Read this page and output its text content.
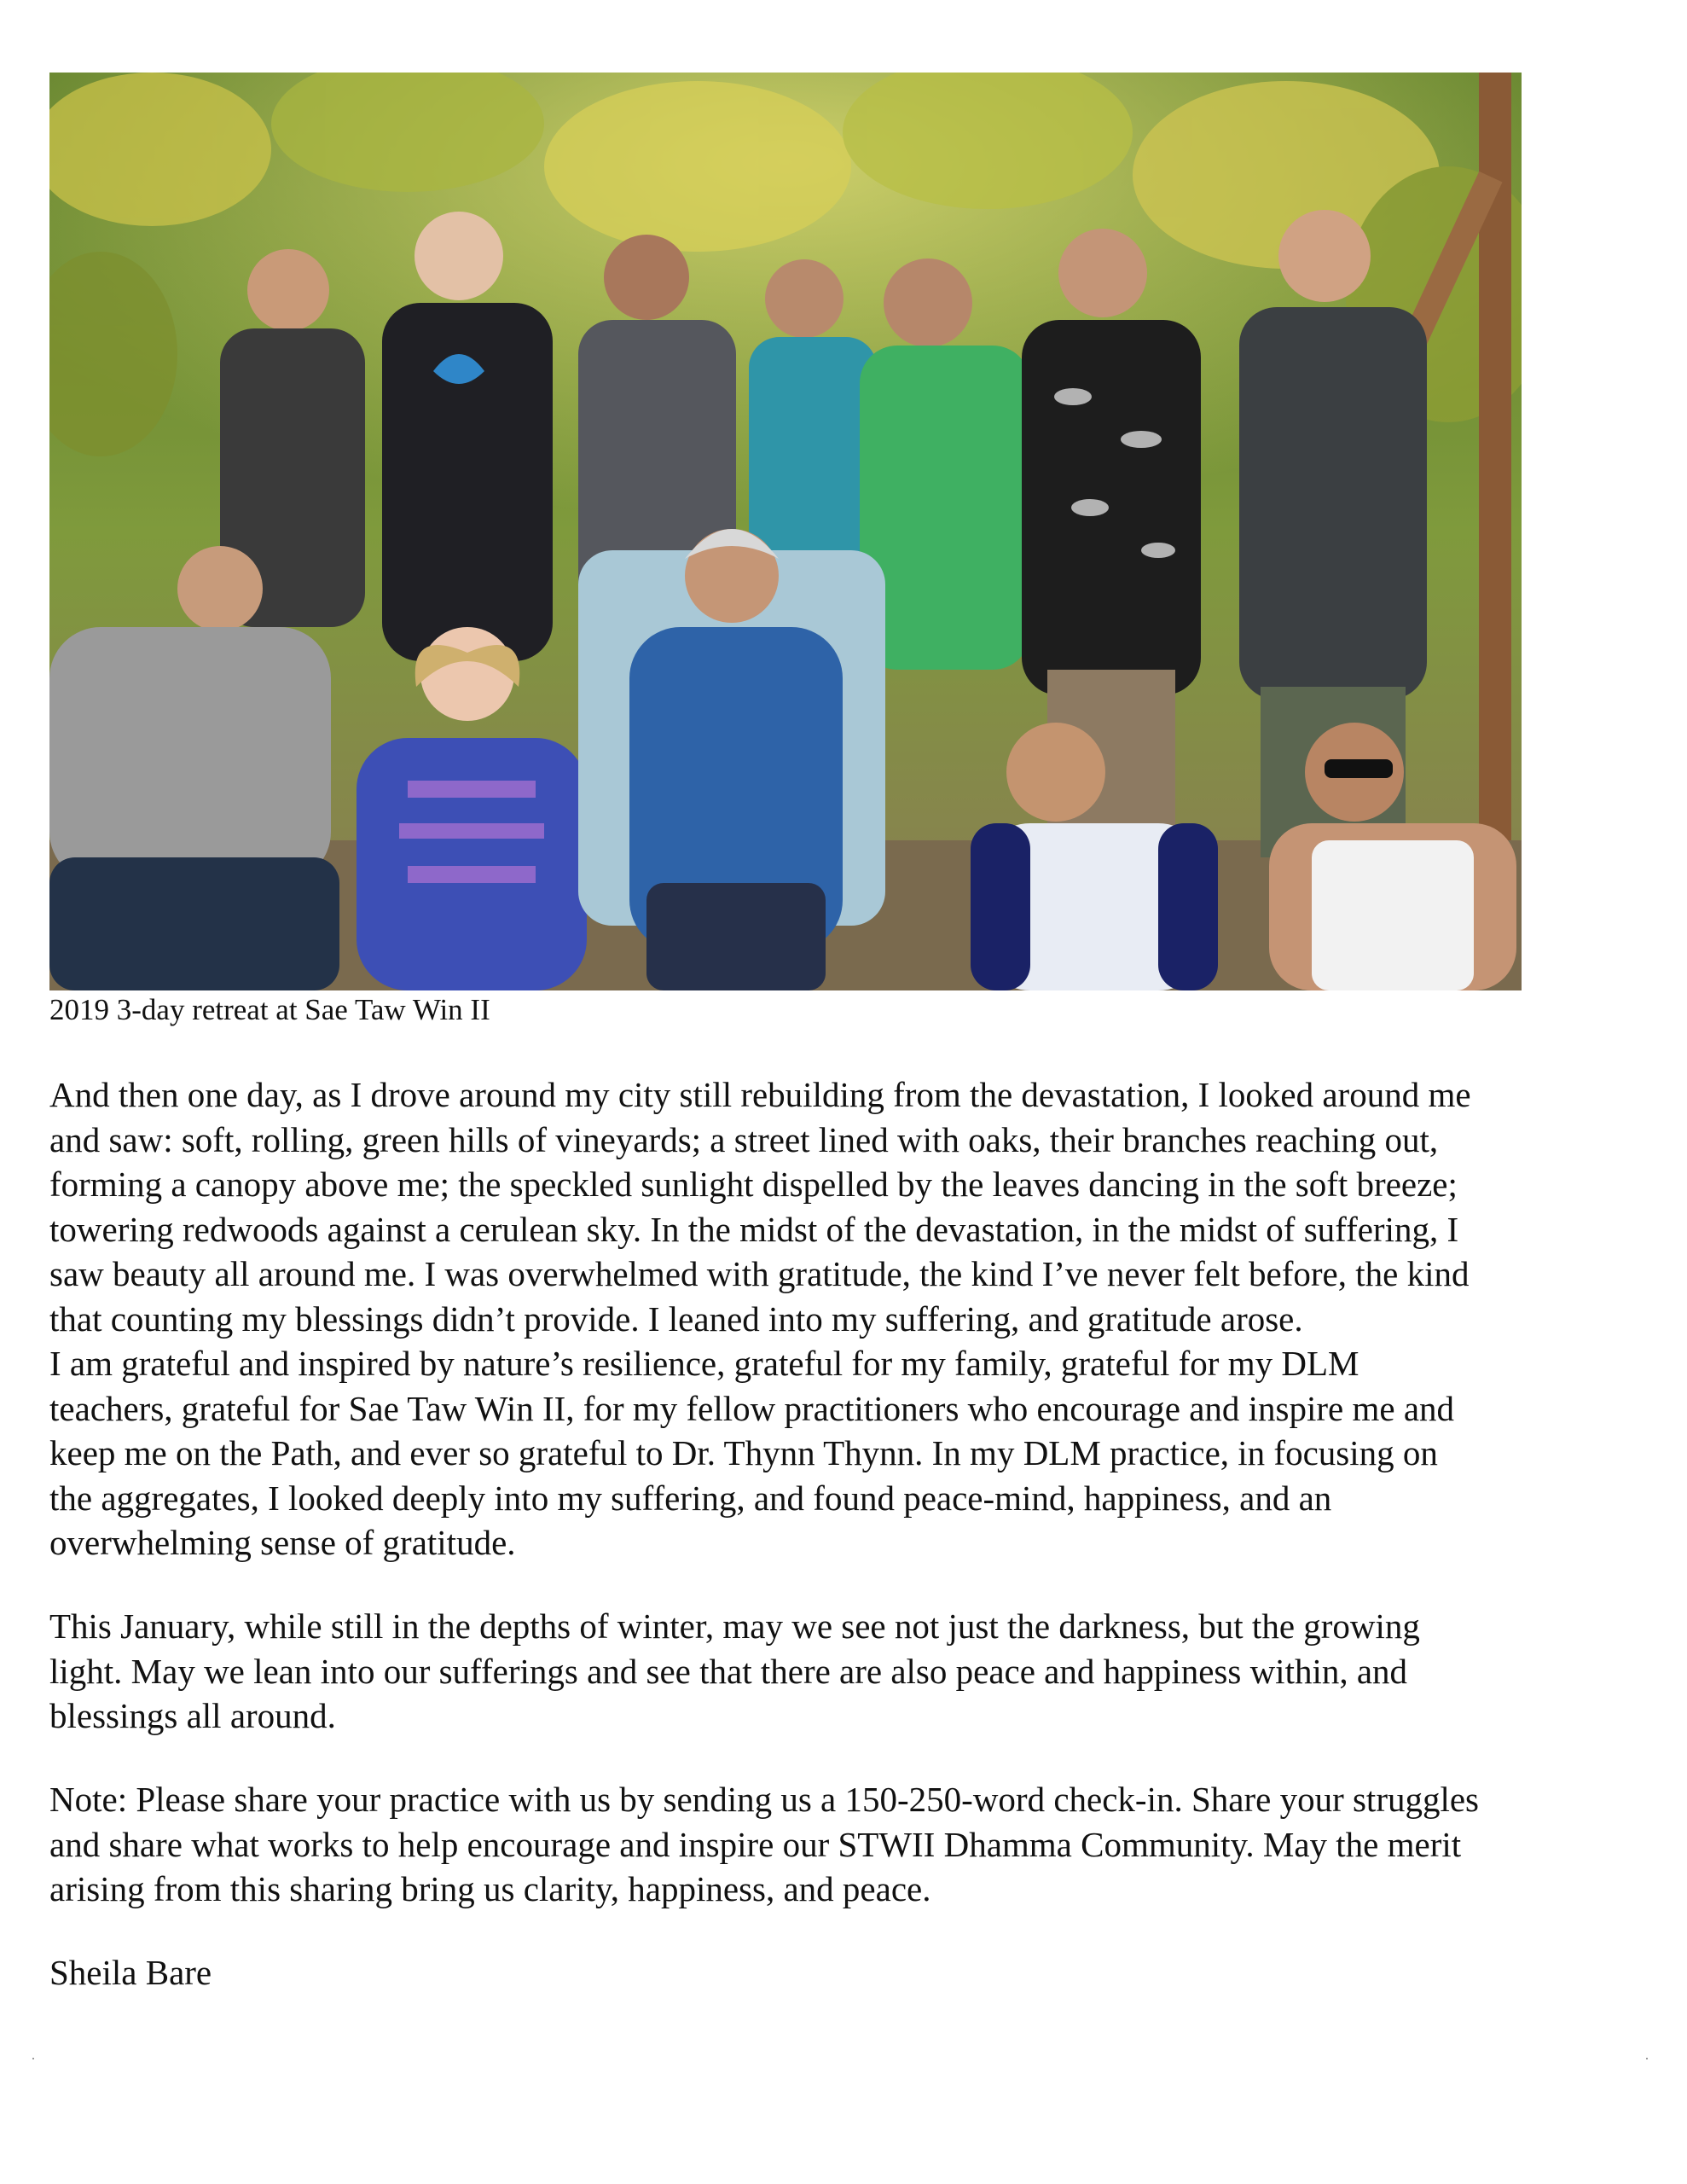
2019 3-day retreat at Sae Taw Win II

And then one day, as I drove around my city still rebuilding from the devastation, I looked around me
and saw: soft, rolling, green hills of vineyards; a street lined with oaks, their branches reaching out,
forming a canopy above me; the speckled sunlight dispelled by the leaves dancing in the soft breeze;
towering redwoods against a cerulean sky. In the midst of the devastation, in the midst of suffering, I
saw beauty all around me. I was overwhelmed with gratitude, the kind I’ve never felt before, the kind
that counting my blessings didn’t provide. I leaned into my suffering, and gratitude arose.
I am grateful and inspired by nature’s resilience, grateful for my family, grateful for my DLM
teachers, grateful for Sae Taw Win II, for my fellow practitioners who encourage and inspire me and
keep me on the Path, and ever so grateful to Dr. Thynn Thynn. In my DLM practice, in focusing on
the aggregates, I looked deeply into my suffering, and found peace-mind, happiness, and an
overwhelming sense of gratitude.

This January, while still in the depths of winter, may we see not just the darkness, but the growing
light. May we lean into our sufferings and see that there are also peace and happiness within, and
blessings all around.

Note: Please share your practice with us by sending us a 150-250-word check-in. Share your struggles
and share what works to help encourage and inspire our STWII Dhamma Community. May the merit
arising from this sharing bring us clarity, happiness, and peace.

Sheila Bare
